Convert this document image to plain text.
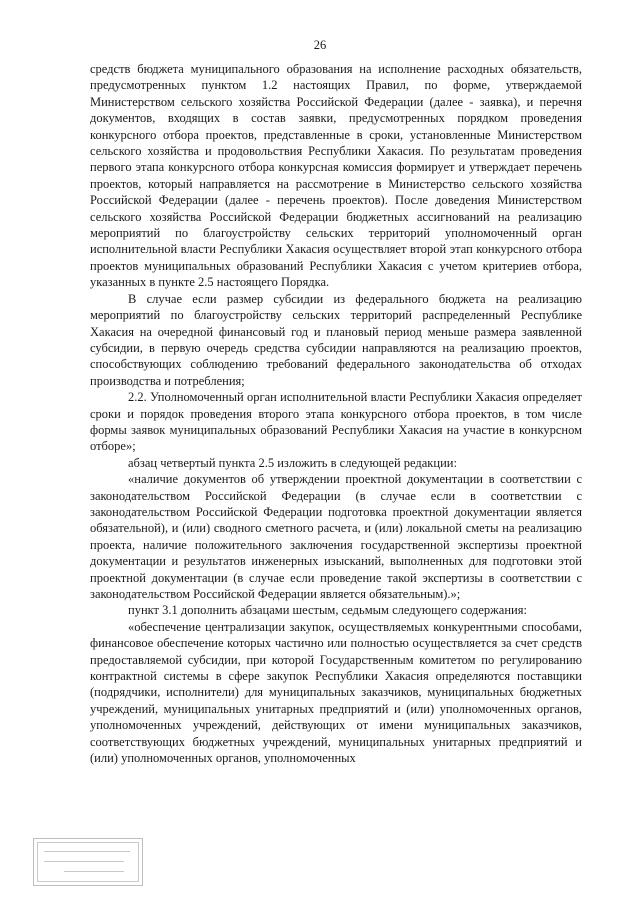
26

средств бюджета муниципального образования на исполнение расходных обязательств, предусмотренных пунктом 1.2 настоящих Правил, по форме, утверждаемой Министерством сельского хозяйства Российской Федерации (далее - заявка), и перечня документов, входящих в состав заявки, предусмотренных порядком проведения конкурсного отбора проектов, представленные в сроки, установленные Министерством сельского хозяйства и продовольствия Республики Хакасия. По результатам проведения первого этапа конкурсного отбора конкурсная комиссия формирует и утверждает перечень проектов, который направляется на рассмотрение в Министерство сельского хозяйства Российской Федерации (далее - перечень проектов). После доведения Министерством сельского хозяйства Российской Федерации бюджетных ассигнований на реализацию мероприятий по благоустройству сельских территорий уполномоченный орган исполнительной власти Республики Хакасия осуществляет второй этап конкурсного отбора проектов муниципальных образований Республики Хакасия с учетом критериев отбора, указанных в пункте 2.5 настоящего Порядка.

В случае если размер субсидии из федерального бюджета на реализацию мероприятий по благоустройству сельских территорий распределенный Республике Хакасия на очередной финансовый год и плановый период меньше размера заявленной субсидии, в первую очередь средства субсидии направляются на реализацию проектов, способствующих соблюдению требований федерального законодательства об отходах производства и потребления;

2.2. Уполномоченный орган исполнительной власти Республики Хакасия определяет сроки и порядок проведения второго этапа конкурсного отбора проектов, в том числе формы заявок муниципальных образований Республики Хакасия на участие в конкурсном отборе»;

абзац четвертый пункта 2.5 изложить в следующей редакции:

«наличие документов об утверждении проектной документации в соответствии с законодательством Российской Федерации (в случае если в соответствии с законодательством Российской Федерации подготовка проектной документации является обязательной), и (или) сводного сметного расчета, и (или) локальной сметы на реализацию проекта, наличие положительного заключения государственной экспертизы проектной документации и результатов инженерных изысканий, выполненных для подготовки этой проектной документации (в случае если проведение такой экспертизы в соответствии с законодательством Российской Федерации является обязательным).»;

пункт 3.1 дополнить абзацами шестым, седьмым следующего содержания:

«обеспечение централизации закупок, осуществляемых конкурентными способами, финансовое обеспечение которых частично или полностью осуществляется за счет средств предоставляемой субсидии, при которой Государственным комитетом по регулированию контрактной системы в сфере закупок Республики Хакасия определяются поставщики (подрядчики, исполнители) для муниципальных заказчиков, муниципальных бюджетных учреждений, муниципальных унитарных предприятий и (или) уполномоченных органов, уполномоченных учреждений, действующих от имени муниципальных заказчиков, соответствующих бюджетных учреждений, муниципальных унитарных предприятий и (или) уполномоченных органов, уполномоченных
